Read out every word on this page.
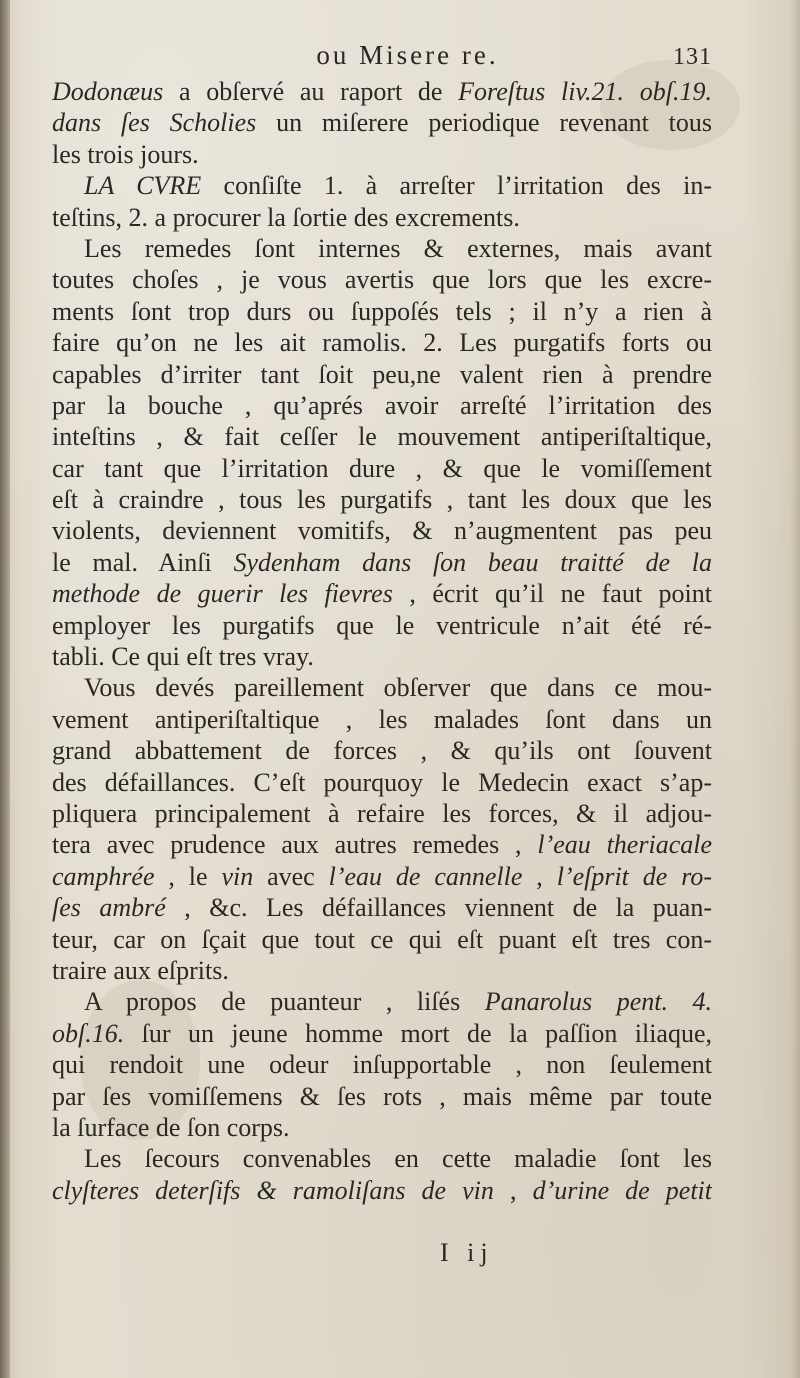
ou Misere re.	131
Dodonæus a obſervé au raport de Foreſtus liv.21. obſ.19.
dans ſes Scholies un miſerere periodique revenant tous
les trois jours.
LA CVRE conſiſte 1. à arreſter l’irritation des in-
teſtins, 2. a procurer la ſortie des excrements.
Les remedes ſont internes & externes, mais avant
toutes choſes , je vous avertis que lors que les excre-
ments ſont trop durs ou ſuppoſés tels ; il n’y a rien à
faire qu’on ne les ait ramolis. 2. Les purgatifs forts ou
capables d’irriter tant ſoit peu,ne valent rien à prendre
par la bouche , qu’aprés avoir arreſté l’irritation des
inteſtins , & fait ceſſer le mouvement antiperiſtaltique,
car tant que l’irritation dure , & que le vomiſſement
eſt à craindre , tous les purgatifs , tant les doux que les
violents, deviennent vomitifs, & n’augmentent pas peu
le mal. Ainſi Sydenham dans ſon beau traitté de la
methode de guerir les fievres , écrit qu’il ne faut point
employer les purgatifs que le ventricule n’ait été ré-
tabli. Ce qui eſt tres vray.
Vous devés pareillement obſerver que dans ce mou-
vement antiperiſtaltique , les malades ſont dans un
grand abbattement de forces , & qu’ils ont ſouvent
des défaillances. C’eſt pourquoy le Medecin exact s’ap-
pliquera principalement à refaire les forces, & il adjou-
tera avec prudence aux autres remedes , l’eau theriacale
camphrée , le vin avec l’eau de cannelle , l’eſprit de ro-
ſes ambré , &c. Les défaillances viennent de la puan-
teur, car on ſçait que tout ce qui eſt puant eſt tres con-
traire aux eſprits.
A propos de puanteur , liſés Panarolus pent. 4.
obſ.16. ſur un jeune homme mort de la paſſion iliaque,
qui rendoit une odeur inſupportable , non ſeulement
par ſes vomiſſemens & ſes rots , mais même par toute
la ſurface de ſon corps.
Les ſecours convenables en cette maladie ſont les
clyſteres deterſifs & ramoliſans de vin , d’urine de petit
I ij
